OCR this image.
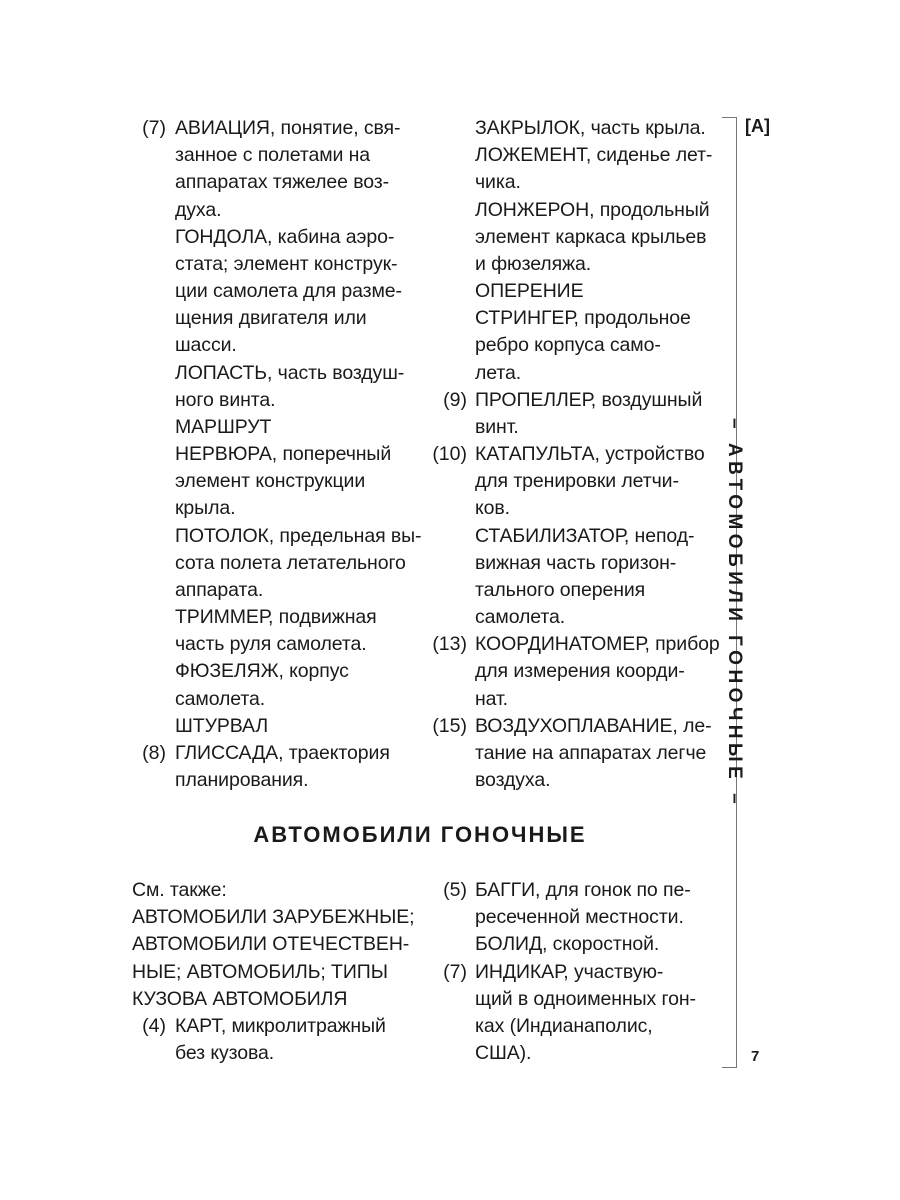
(7)
(8)
АВИАЦИЯ, понятие, свя-
занное с полетами на
аппаратах тяжелее воз-
духа.
ГОНДОЛА, кабина аэро-
стата; элемент конструк-
ции самолета для разме-
щения двигателя или
шасси.
ЛОПАСТЬ, часть воздуш-
ного винта.
МАРШРУТ
НЕРВЮРА, поперечный
элемент конструкции
крыла.
ПОТОЛОК, предельная вы-
сота полета летательного
аппарата.
ТРИММЕР, подвижная
часть руля самолета.
ФЮЗЕЛЯЖ, корпус
самолета.
ШТУРВАЛ
ГЛИССАДА, траектория
планирования.
(9)
(10)
(13)
(15)
ЗАКРЫЛОК, часть крыла.
ЛОЖЕМЕНТ, сиденье лет-
чика.
ЛОНЖЕРОН, продольный
элемент каркаса крыльев
и фюзеляжа.
ОПЕРЕНИЕ
СТРИНГЕР, продольное
ребро корпуса само-
лета.
ПРОПЕЛЛЕР, воздушный
винт.
КАТАПУЛЬТА, устройство
для тренировки летчи-
ков.
СТАБИЛИЗАТОР, непод-
вижная часть горизон-
тального оперения
самолета.
КООРДИНАТОМЕР, прибор
для измерения коорди-
нат.
ВОЗДУХОПЛАВАНИЕ, ле-
тание на аппаратах легче
воздуха.
АВТОМОБИЛИ ГОНОЧНЫЕ
См. также:
АВТОМОБИЛИ ЗАРУБЕЖНЫЕ;
АВТОМОБИЛИ ОТЕЧЕСТВЕН-
НЫЕ; АВТОМОБИЛЬ; ТИПЫ
КУЗОВА АВТОМОБИЛЯ
(4) КАРТ, микролитражный
без кузова.
(5)
(7)
БАГГИ, для гонок по пе-
ресеченной местности.
БОЛИД, скоростной.
ИНДИКАР, участвую-
щий в одноименных гон-
ках (Индианаполис,
США).
[A]
– АВТОМОБИЛИ ГОНОЧНЫЕ –
7
